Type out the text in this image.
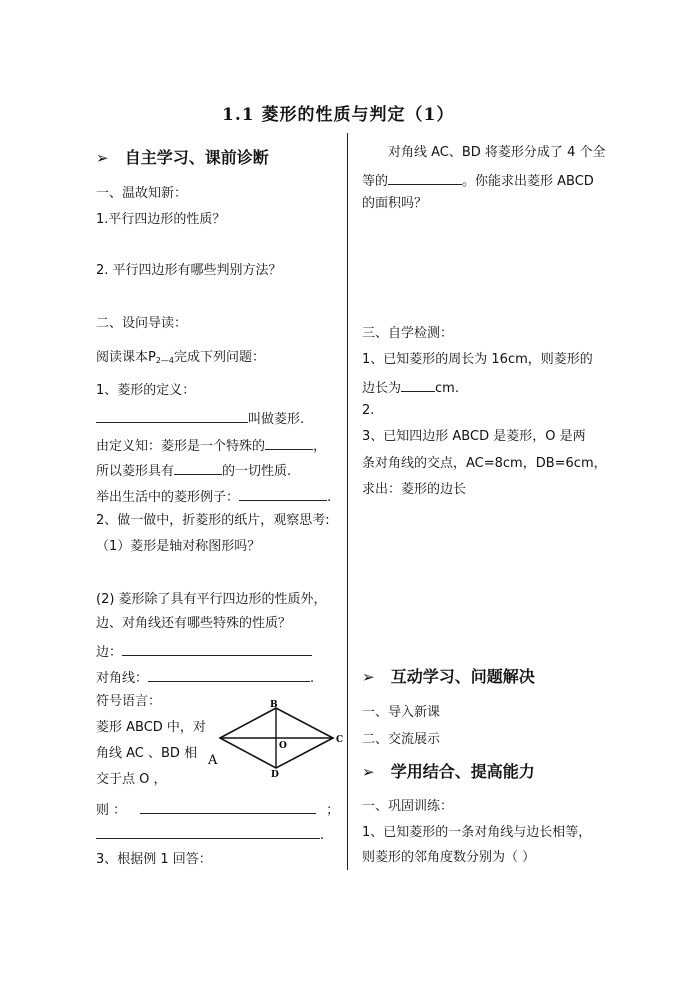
1.1 菱形的性质与判定（1）
➢ 自主学习、课前诊断
一、温故知新：
1.平行四边形的性质？
2. 平行四边形有哪些判别方法？
二、设问导读：
阅读课本$P_{2—4}$完成下列问题：
1、菱形的定义：
叫做菱形.
由定义知：菱形是一个特殊的	，
所以菱形具有	的一切性质.
举出生活中的菱形例子：	.
2、做一做中，折菱形的纸片，观察思考:
（1）菱形是轴对称图形吗？
(2) 菱形除了具有平行四边形的性质外，
边、对角线还有哪些特殊的性质？
边：
对角线：	.
符号语言：
菱形 ABCD 中，对
角线 AC 、BD 相
交于点 O ，
B
C
D
O
A
则 ：	；
.
3、根据例 1 回答：
对角线 AC、BD 将菱形分成了 4 个全
等的	。你能求出菱形 ABCD
的面积吗？
三、自学检测：
1、已知菱形的周长为 16cm，则菱形的
边长为	cm.
2.
3、已知四边形 ABCD 是菱形，O 是两
条对角线的交点，AC=8cm，DB=6cm，
求出：菱形的边长
➢ 互动学习、问题解决
一、导入新课
二、交流展示
➢ 学用结合、提高能力
一、巩固训练：
1、已知菱形的一条对角线与边长相等，
则菱形的邻角度数分别为（ ）
